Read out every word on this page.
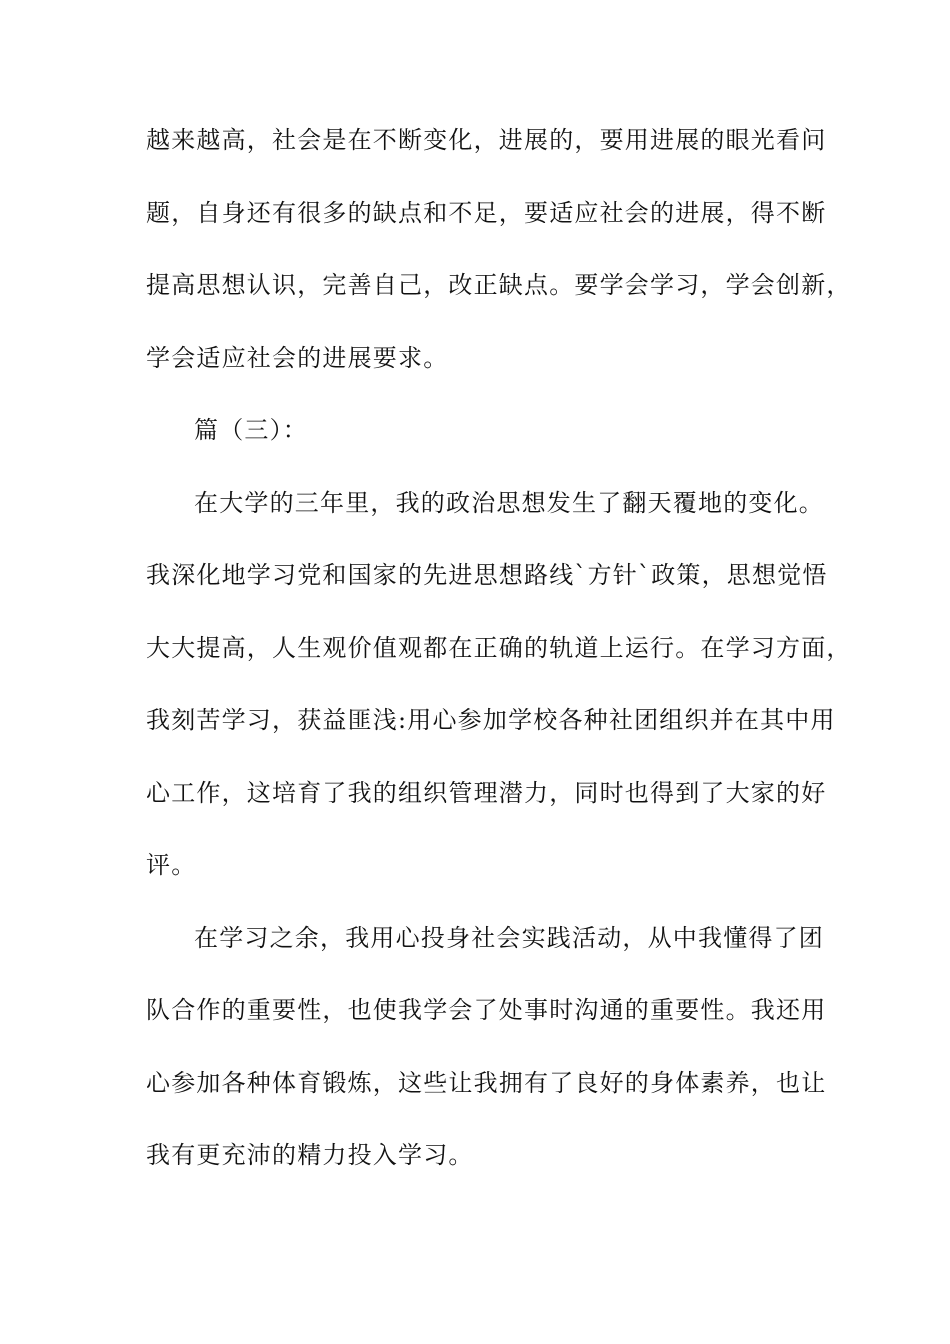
越来越高，社会是在不断变化，进展的，要用进展的眼光看问
题，自身还有很多的缺点和不足，要适应社会的进展，得不断
提高思想认识，完善自己，改正缺点。要学会学习，学会创新，
学会适应社会的进展要求。
篇（三）：
在大学的三年里，我的政治思想发生了翻天覆地的变化。
我深化地学习党和国家的先进思想路线`方针`政策，思想觉悟
大大提高，人生观价值观都在正确的轨道上运行。在学习方面，
我刻苦学习，获益匪浅:用心参加学校各种社团组织并在其中用
心工作，这培育了我的组织管理潜力，同时也得到了大家的好
评。
在学习之余，我用心投身社会实践活动，从中我懂得了团
队合作的重要性，也使我学会了处事时沟通的重要性。我还用
心参加各种体育锻炼，这些让我拥有了良好的身体素养，也让
我有更充沛的精力投入学习。
